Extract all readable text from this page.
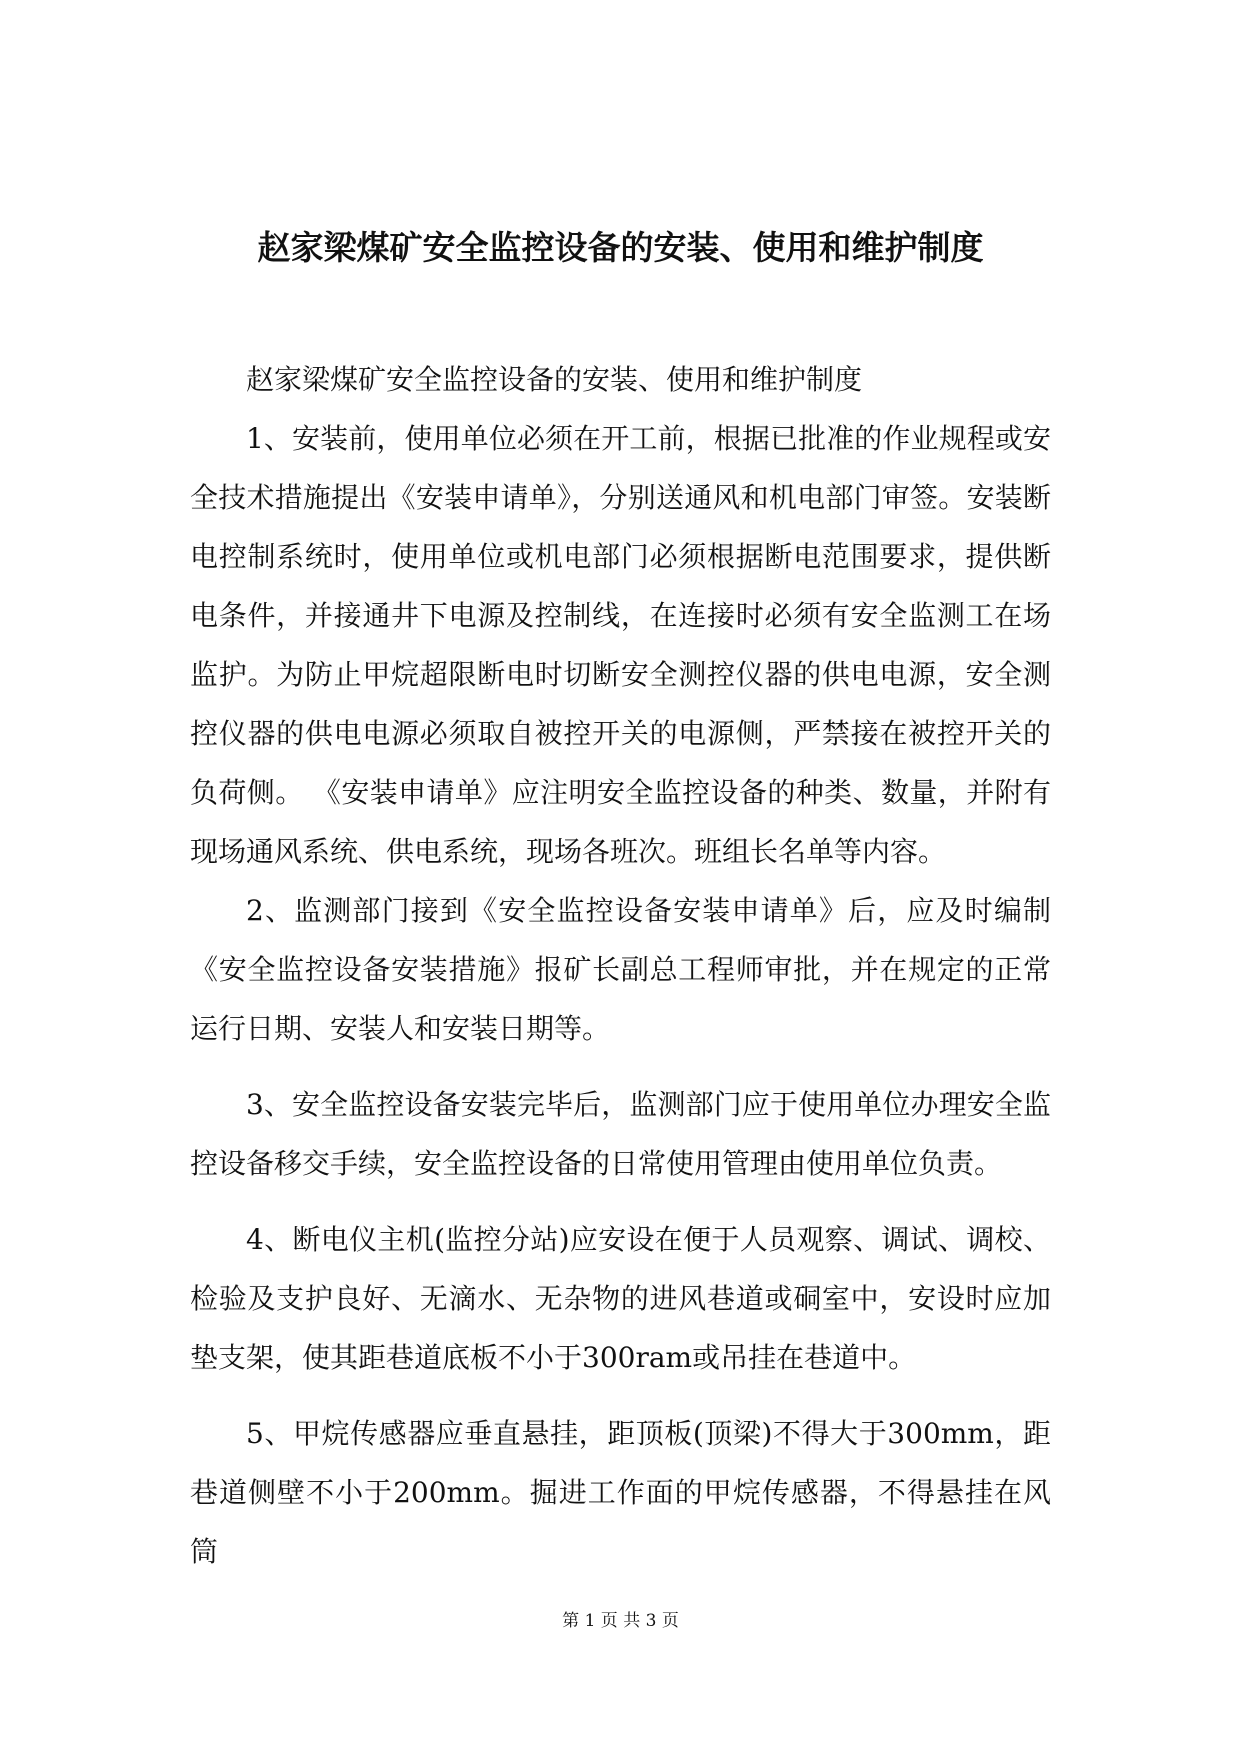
赵家梁煤矿安全监控设备的安装、使用和维护制度

赵家梁煤矿安全监控设备的安装、使用和维护制度

1、安装前，使用单位必须在开工前，根据已批准的作业规程或安全技术措施提出《安装申请单》，分别送通风和机电部门审签。安装断电控制系统时，使用单位或机电部门必须根据断电范围要求，提供断电条件，并接通井下电源及控制线，在连接时必须有安全监测工在场监护。为防止甲烷超限断电时切断安全测控仪器的供电电源，安全测控仪器的供电电源必须取自被控开关的电源侧，严禁接在被控开关的负荷侧。 《安装申请单》应注明安全监控设备的种类、数量，并附有现场通风系统、供电系统，现场各班次。班组长名单等内容。

2、监测部门接到《安全监控设备安装申请单》后，应及时编制《安全监控设备安装措施》报矿长副总工程师审批，并在规定的正常运行日期、安装人和安装日期等。

3、安全监控设备安装完毕后，监测部门应于使用单位办理安全监控设备移交手续，安全监控设备的日常使用管理由使用单位负责。

4、断电仪主机(监控分站)应安设在便于人员观察、调试、调校、检验及支护良好、无滴水、无杂物的进风巷道或硐室中，安设时应加垫支架，使其距巷道底板不小于300ram或吊挂在巷道中。

5、甲烷传感器应垂直悬挂，距顶板(顶梁)不得大于300mm，距巷道侧壁不小于200mm。掘进工作面的甲烷传感器，不得悬挂在风筒

第 1 页 共 3 页
